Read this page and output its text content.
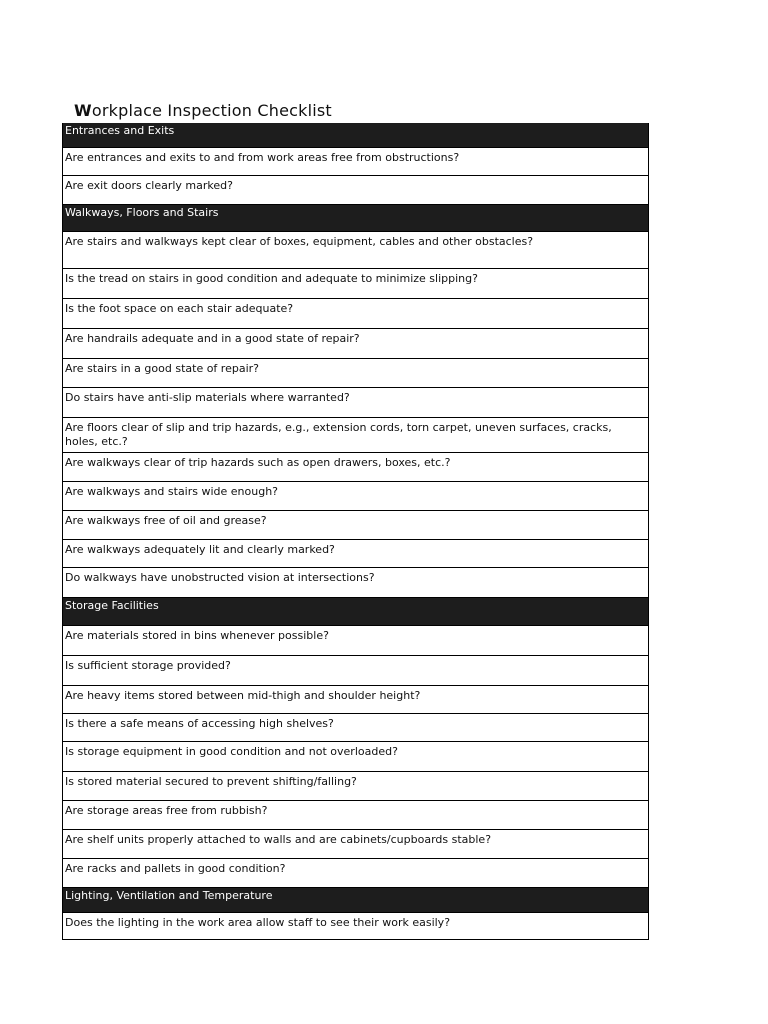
Workplace Inspection Checklist
Entrances and Exits
Are entrances and exits to and from work areas free from obstructions?
Are exit doors clearly marked?
Walkways, Floors and Stairs
Are stairs and walkways kept clear of boxes, equipment, cables and other obstacles?
Is the tread on stairs in good condition and adequate to minimize slipping?
Is the foot space on each stair adequate?
Are handrails adequate and in a good state of repair?
Are stairs in a good state of repair?
Do stairs have anti-slip materials where warranted?
Are floors clear of slip and trip hazards, e.g., extension cords, torn carpet, uneven surfaces, cracks, holes, etc.?
Are walkways clear of trip hazards such as open drawers, boxes, etc.?
Are walkways and stairs wide enough?
Are walkways free of oil and grease?
Are walkways adequately lit and clearly marked?
Do walkways have unobstructed vision at intersections?
Storage Facilities
Are materials stored in bins whenever possible?
Is sufficient storage provided?
Are heavy items stored between mid-thigh and shoulder height?
Is there a safe means of accessing high shelves?
Is storage equipment in good condition and not overloaded?
Is stored material secured to prevent shifting/falling?
Are storage areas free from rubbish?
Are shelf units properly attached to walls and are cabinets/cupboards stable?
Are racks and pallets in good condition?
Lighting, Ventilation and Temperature
Does the lighting in the work area allow staff to see their work easily?
